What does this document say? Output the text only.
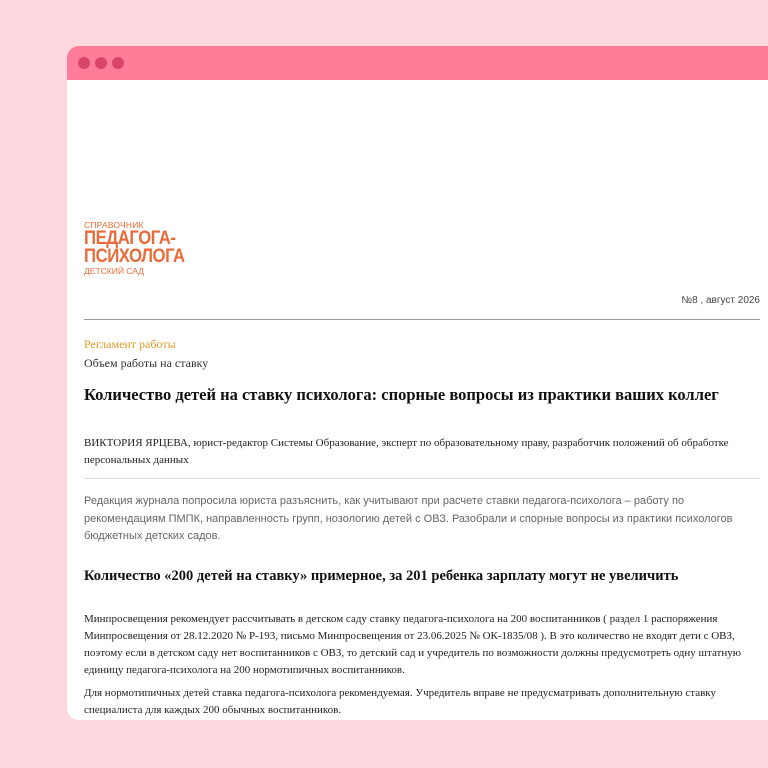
СПРАВОЧНИК
ПЕДАГОГА-
ПСИХОЛОГА
ДЕТСКИЙ САД
№8 , август 2026
Регламент работы
Объем работы на ставку
Количество детей на ставку психолога: спорные вопросы из практики ваших коллег
ВИКТОРИЯ ЯРЦЕВА, юрист-редактор Системы Образование, эксперт по образовательному праву, разработчик положений об обработке персональных данных
Редакция журнала попросила юриста разъяснить, как учитывают при расчете ставки педагога-психолога – работу по рекомендациям ПМПК, направленность групп, нозологию детей с ОВЗ. Разобрали и спорные вопросы из практики психологов бюджетных детских садов.
Количество «200 детей на ставку» примерное, за 201 ребенка зарплату могут не увеличить

Минпросвещения рекомендует рассчитывать в детском саду ставку педагога-психолога на 200 воспитанников ( раздел 1 распоряжения Минпросвещения от 28.12.2020 № Р-193, письмо Минпросвещения от 23.06.2025 № ОК-1835/08 ). В это количество не входят дети с ОВЗ, поэтому если в детском саду нет воспитанников с ОВЗ, то детский сад и учредитель по возможности должны предусмотреть одну штатную единицу педагога-психолога на 200 нормотипичных воспитанников.

Для нормотипичных детей ставка педагога-психолога рекомендуемая. Учредитель вправе не предусматривать дополнительную ставку специалиста для каждых 200 обычных воспитанников.
